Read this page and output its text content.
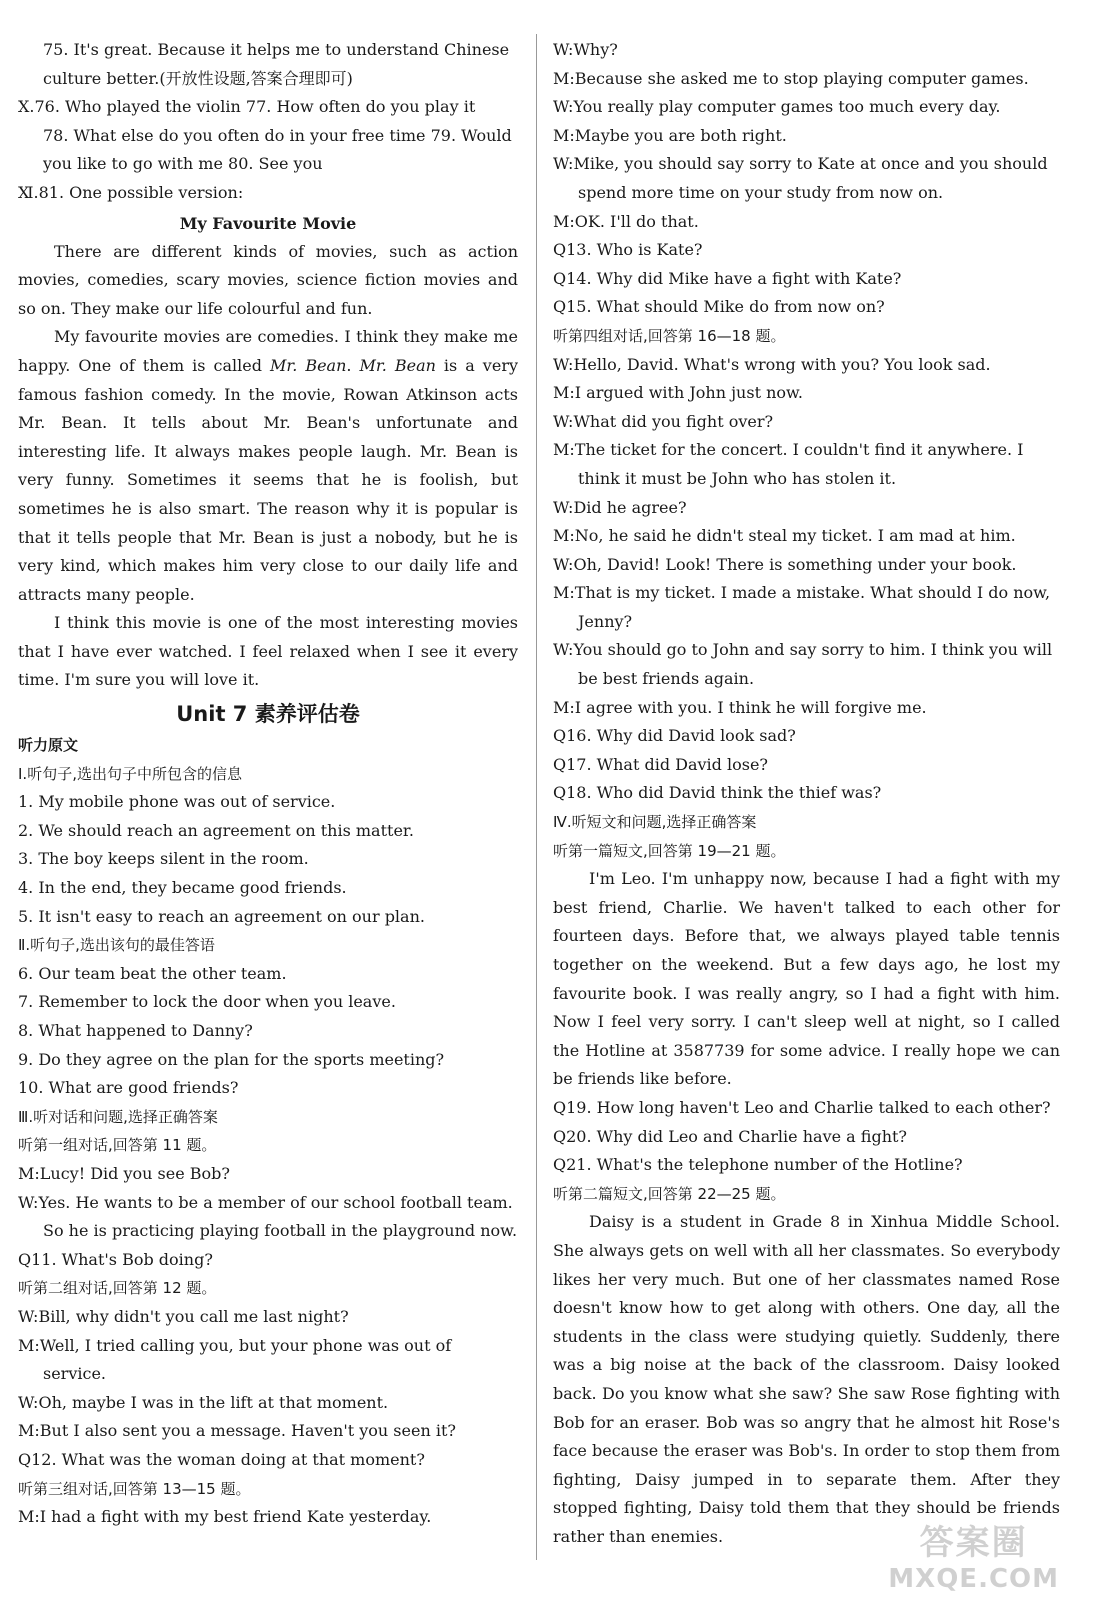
75. It's great. Because it helps me to understand Chinese

culture better.(开放性设题,答案合理即可)

Ⅹ.76. Who played the violin 77. How often do you play it

78. What else do you often do in your free time 79. Would

you like to go with me 80. See you

Ⅺ.81. One possible version:

My Favourite Movie

There are different kinds of movies, such as action movies, comedies, scary movies, science fiction movies and so on. They make our life colourful and fun.

My favourite movies are comedies. I think they make me happy. One of them is called Mr. Bean. Mr. Bean is a very famous fashion comedy. In the movie, Rowan Atkinson acts Mr. Bean. It tells about Mr. Bean's unfortunate and interesting life. It always makes people laugh. Mr. Bean is very funny. Sometimes it seems that he is foolish, but sometimes he is also smart. The reason why it is popular is that it tells people that Mr. Bean is just a nobody, but he is very kind, which makes him very close to our daily life and attracts many people.

I think this movie is one of the most interesting movies that I have ever watched. I feel relaxed when I see it every time. I'm sure you will love it.

Unit 7 素养评估卷

听力原文

Ⅰ.听句子,选出句子中所包含的信息

1. My mobile phone was out of service.

2. We should reach an agreement on this matter.

3. The boy keeps silent in the room.

4. In the end, they became good friends.

5. It isn't easy to reach an agreement on our plan.

Ⅱ.听句子,选出该句的最佳答语

6. Our team beat the other team.

7. Remember to lock the door when you leave.

8. What happened to Danny?

9. Do they agree on the plan for the sports meeting?

10. What are good friends?

Ⅲ.听对话和问题,选择正确答案

听第一组对话,回答第 11 题。

M:Lucy! Did you see Bob?

W:Yes. He wants to be a member of our school football team. So he is practicing playing football in the playground now.

Q11. What's Bob doing?

听第二组对话,回答第 12 题。

W:Bill, why didn't you call me last night?

M:Well, I tried calling you, but your phone was out of service.

W:Oh, maybe I was in the lift at that moment.

M:But I also sent you a message. Haven't you seen it?

Q12. What was the woman doing at that moment?

听第三组对话,回答第 13—15 题。

M:I had a fight with my best friend Kate yesterday.

W:Why?

M:Because she asked me to stop playing computer games.

W:You really play computer games too much every day.

M:Maybe you are both right.

W:Mike, you should say sorry to Kate at once and you should spend more time on your study from now on.

M:OK. I'll do that.

Q13. Who is Kate?

Q14. Why did Mike have a fight with Kate?

Q15. What should Mike do from now on?

听第四组对话,回答第 16—18 题。

W:Hello, David. What's wrong with you? You look sad.

M:I argued with John just now.

W:What did you fight over?

M:The ticket for the concert. I couldn't find it anywhere. I think it must be John who has stolen it.

W:Did he agree?

M:No, he said he didn't steal my ticket. I am mad at him.

W:Oh, David! Look! There is something under your book.

M:That is my ticket. I made a mistake. What should I do now, Jenny?

W:You should go to John and say sorry to him. I think you will be best friends again.

M:I agree with you. I think he will forgive me.

Q16. Why did David look sad?

Q17. What did David lose?

Q18. Who did David think the thief was?

Ⅳ.听短文和问题,选择正确答案

听第一篇短文,回答第 19—21 题。

I'm Leo. I'm unhappy now, because I had a fight with my best friend, Charlie. We haven't talked to each other for fourteen days. Before that, we always played table tennis together on the weekend. But a few days ago, he lost my favourite book. I was really angry, so I had a fight with him. Now I feel very sorry. I can't sleep well at night, so I called the Hotline at 3587739 for some advice. I really hope we can be friends like before.

Q19. How long haven't Leo and Charlie talked to each other?

Q20. Why did Leo and Charlie have a fight?

Q21. What's the telephone number of the Hotline?

听第二篇短文,回答第 22—25 题。

Daisy is a student in Grade 8 in Xinhua Middle School. She always gets on well with all her classmates. So everybody likes her very much. But one of her classmates named Rose doesn't know how to get along with others. One day, all the students in the class were studying quietly. Suddenly, there was a big noise at the back of the classroom. Daisy looked back. Do you know what she saw? She saw Rose fighting with Bob for an eraser. Bob was so angry that he almost hit Rose's face because the eraser was Bob's. In order to stop them from fighting, Daisy jumped in to separate them. After they stopped fighting, Daisy told them that they should be friends rather than enemies.	答案圈
MXQE.COM
